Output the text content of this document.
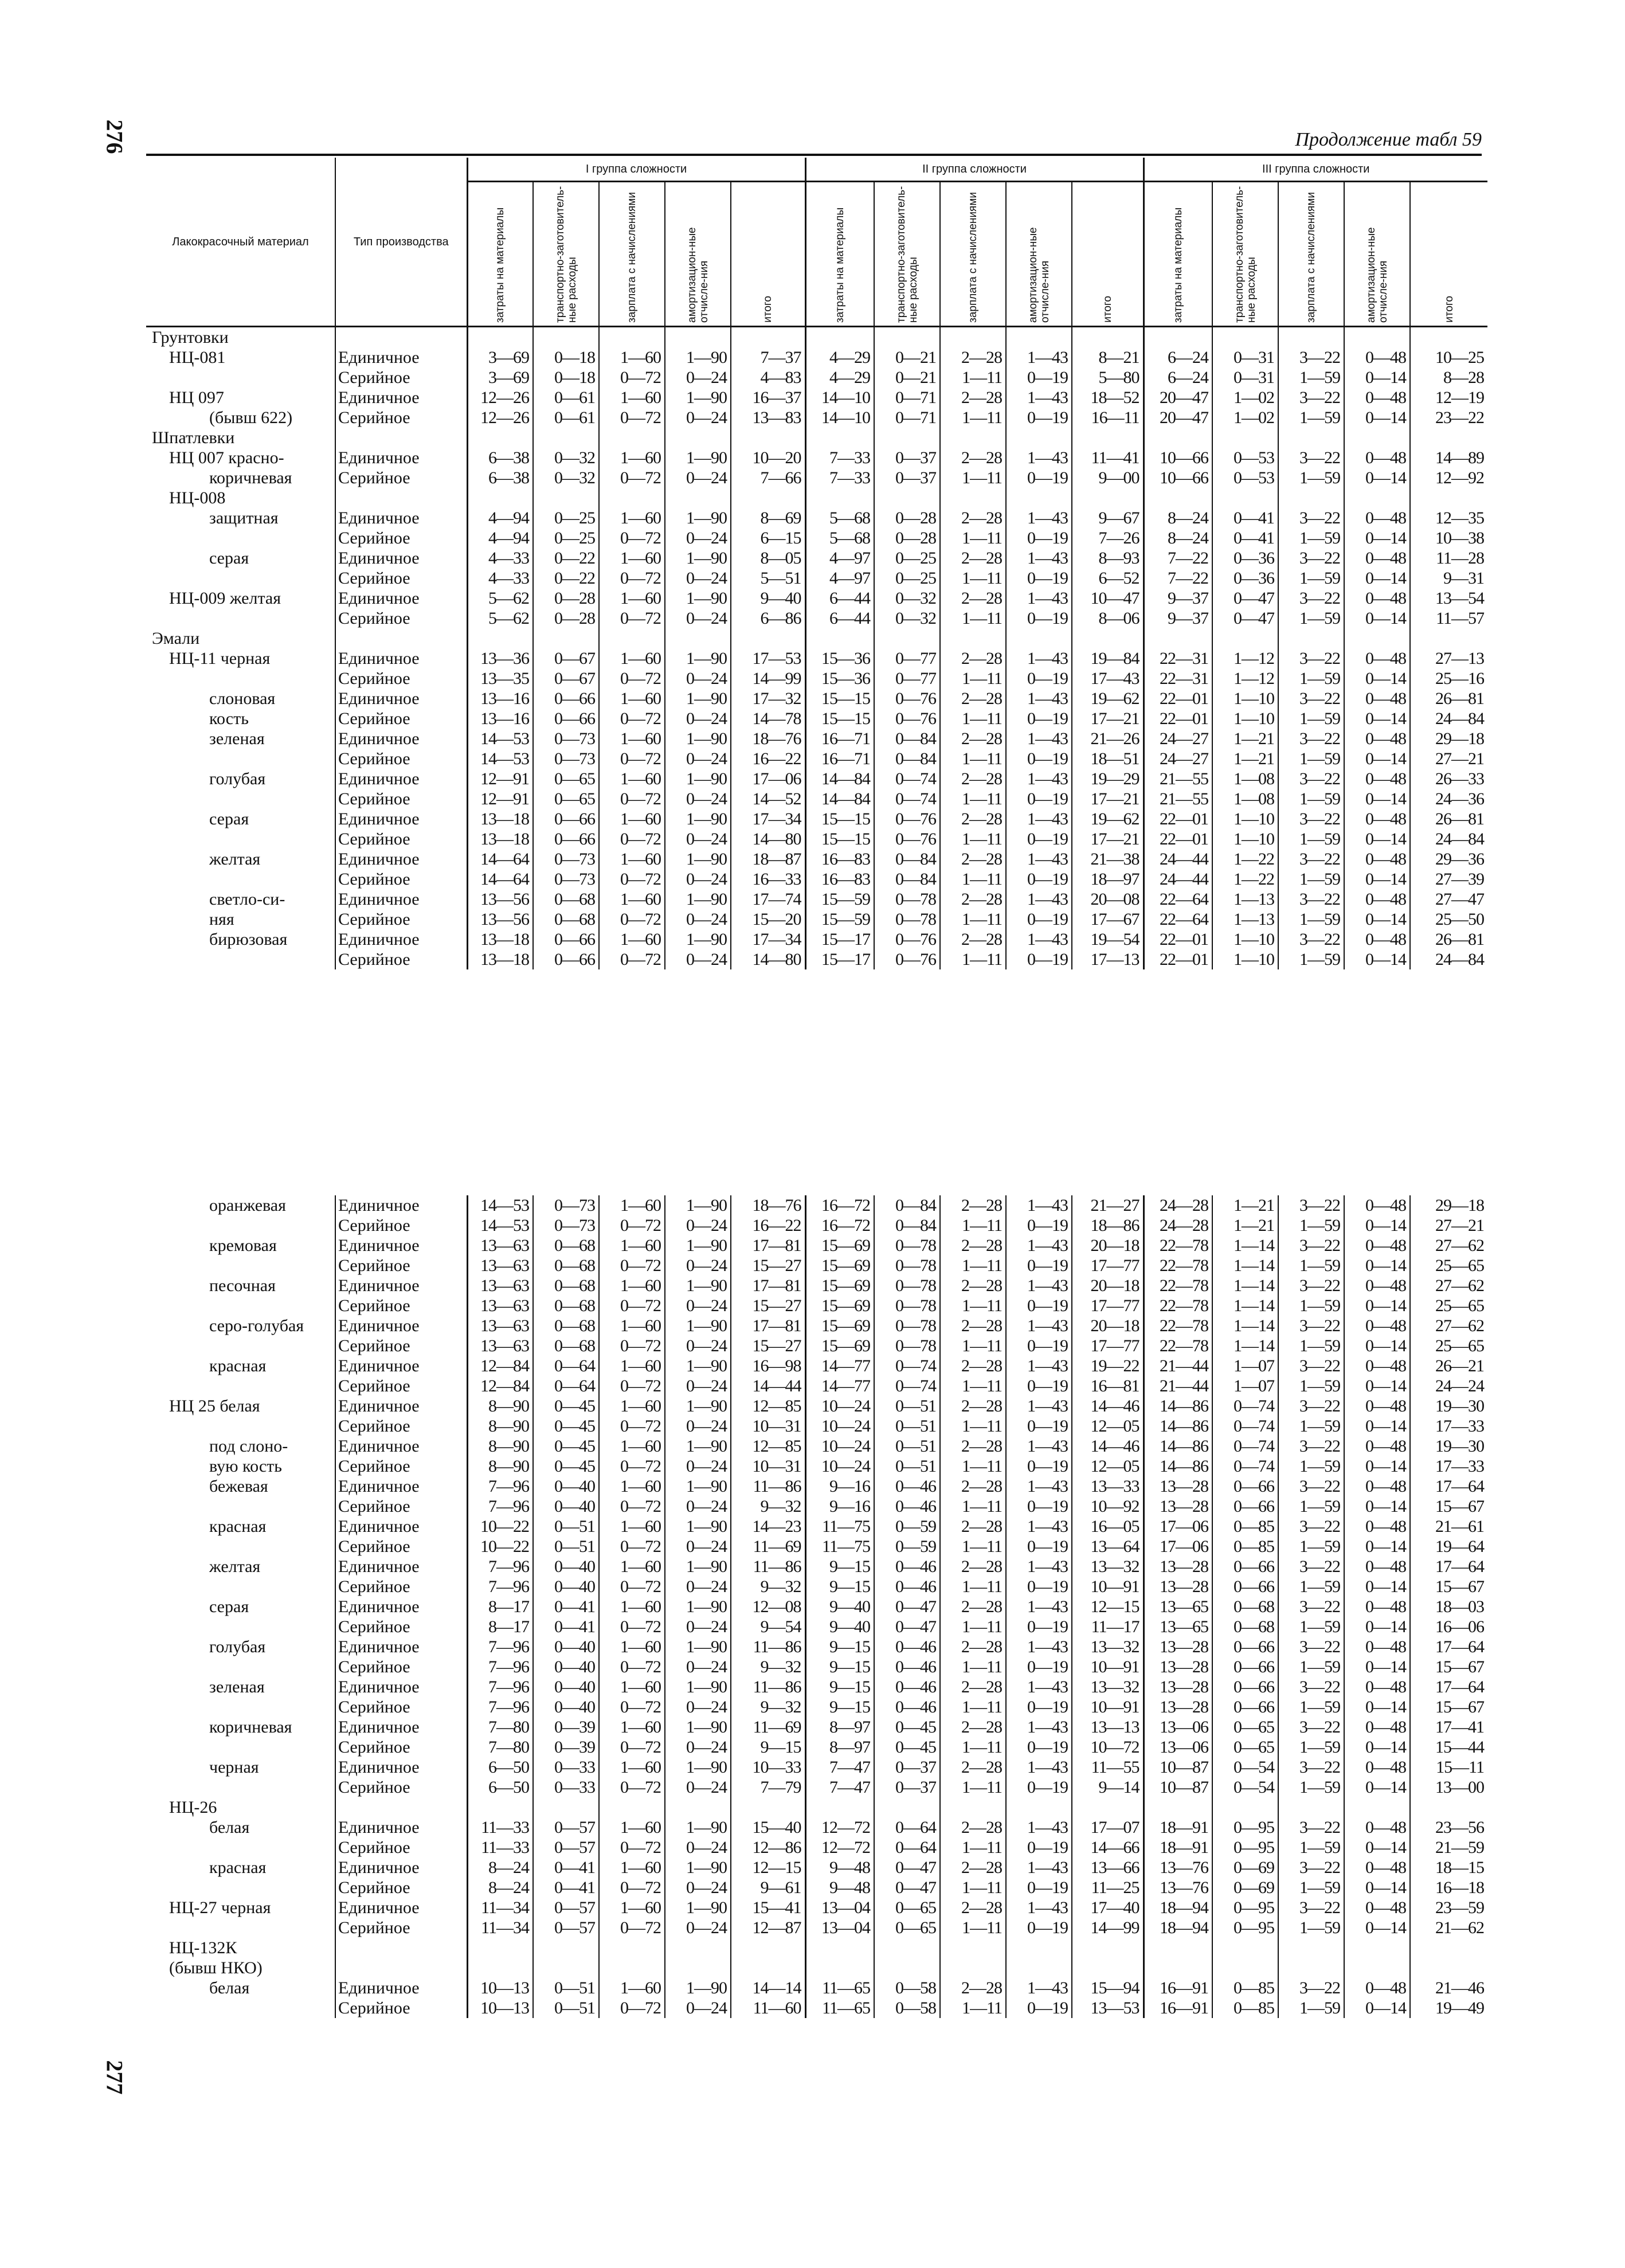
276
277
Продолжение табл 59
Лакокрасочный материал	Тип производства	I группа сложности					II группа сложности					III группа сложности				
		затраты на материалы	транспортно-заготовитель-ные расходы	зарплата с начислениями	амортизацион-ные отчисле-ния	итого	затраты на материалы	транспортно-заготовитель-ные расходы	зарплата с начислениями	амортизацион-ные отчисле-ния	итого	затраты на материалы	транспортно-заготовитель-ные расходы	зарплата с начислениями	амортизацион-ные отчисле-ния	итого
Грунтовки																
НЦ-081	Единичное	3—69	0—18	1—60	1—90	7—37	4—29	0—21	2—28	1—43	8—21	6—24	0—31	3—22	0—48	10—25
	Серийное	3—69	0—18	0—72	0—24	4—83	4—29	0—21	1—11	0—19	5—80	6—24	0—31	1—59	0—14	8—28
НЦ 097	Единичное	12—26	0—61	1—60	1—90	16—37	14—10	0—71	2—28	1—43	18—52	20—47	1—02	3—22	0—48	12—19
(бывш 622)	Серийное	12—26	0—61	0—72	0—24	13—83	14—10	0—71	1—11	0—19	16—11	20—47	1—02	1—59	0—14	23—22
Шпатлевки																
НЦ 007 красно-	Единичное	6—38	0—32	1—60	1—90	10—20	7—33	0—37	2—28	1—43	11—41	10—66	0—53	3—22	0—48	14—89
коричневая	Серийное	6—38	0—32	0—72	0—24	7—66	7—33	0—37	1—11	0—19	9—00	10—66	0—53	1—59	0—14	12—92
НЦ-008																
защитная	Единичное	4—94	0—25	1—60	1—90	8—69	5—68	0—28	2—28	1—43	9—67	8—24	0—41	3—22	0—48	12—35
	Серийное	4—94	0—25	0—72	0—24	6—15	5—68	0—28	1—11	0—19	7—26	8—24	0—41	1—59	0—14	10—38
серая	Единичное	4—33	0—22	1—60	1—90	8—05	4—97	0—25	2—28	1—43	8—93	7—22	0—36	3—22	0—48	11—28
	Серийное	4—33	0—22	0—72	0—24	5—51	4—97	0—25	1—11	0—19	6—52	7—22	0—36	1—59	0—14	9—31
НЦ-009 желтая	Единичное	5—62	0—28	1—60	1—90	9—40	6—44	0—32	2—28	1—43	10—47	9—37	0—47	3—22	0—48	13—54
	Серийное	5—62	0—28	0—72	0—24	6—86	6—44	0—32	1—11	0—19	8—06	9—37	0—47	1—59	0—14	11—57
Эмали																
НЦ-11 черная	Единичное	13—36	0—67	1—60	1—90	17—53	15—36	0—77	2—28	1—43	19—84	22—31	1—12	3—22	0—48	27—13
	Серийное	13—35	0—67	0—72	0—24	14—99	15—36	0—77	1—11	0—19	17—43	22—31	1—12	1—59	0—14	25—16
слоновая	Единичное	13—16	0—66	1—60	1—90	17—32	15—15	0—76	2—28	1—43	19—62	22—01	1—10	3—22	0—48	26—81
кость	Серийное	13—16	0—66	0—72	0—24	14—78	15—15	0—76	1—11	0—19	17—21	22—01	1—10	1—59	0—14	24—84
зеленая	Единичное	14—53	0—73	1—60	1—90	18—76	16—71	0—84	2—28	1—43	21—26	24—27	1—21	3—22	0—48	29—18
	Серийное	14—53	0—73	0—72	0—24	16—22	16—71	0—84	1—11	0—19	18—51	24—27	1—21	1—59	0—14	27—21
голубая	Единичное	12—91	0—65	1—60	1—90	17—06	14—84	0—74	2—28	1—43	19—29	21—55	1—08	3—22	0—48	26—33
	Серийное	12—91	0—65	0—72	0—24	14—52	14—84	0—74	1—11	0—19	17—21	21—55	1—08	1—59	0—14	24—36
серая	Единичное	13—18	0—66	1—60	1—90	17—34	15—15	0—76	2—28	1—43	19—62	22—01	1—10	3—22	0—48	26—81
	Серийное	13—18	0—66	0—72	0—24	14—80	15—15	0—76	1—11	0—19	17—21	22—01	1—10	1—59	0—14	24—84
желтая	Единичное	14—64	0—73	1—60	1—90	18—87	16—83	0—84	2—28	1—43	21—38	24—44	1—22	3—22	0—48	29—36
	Серийное	14—64	0—73	0—72	0—24	16—33	16—83	0—84	1—11	0—19	18—97	24—44	1—22	1—59	0—14	27—39
светло-си-	Единичное	13—56	0—68	1—60	1—90	17—74	15—59	0—78	2—28	1—43	20—08	22—64	1—13	3—22	0—48	27—47
няя	Серийное	13—56	0—68	0—72	0—24	15—20	15—59	0—78	1—11	0—19	17—67	22—64	1—13	1—59	0—14	25—50
бирюзовая	Единичное	13—18	0—66	1—60	1—90	17—34	15—17	0—76	2—28	1—43	19—54	22—01	1—10	3—22	0—48	26—81
	Серийное	13—18	0—66	0—72	0—24	14—80	15—17	0—76	1—11	0—19	17—13	22—01	1—10	1—59	0—14	24—84
оранжевая	Единичное	14—53	0—73	1—60	1—90	18—76	16—72	0—84	2—28	1—43	21—27	24—28	1—21	3—22	0—48	29—18
	Серийное	14—53	0—73	0—72	0—24	16—22	16—72	0—84	1—11	0—19	18—86	24—28	1—21	1—59	0—14	27—21
кремовая	Единичное	13—63	0—68	1—60	1—90	17—81	15—69	0—78	2—28	1—43	20—18	22—78	1—14	3—22	0—48	27—62
	Серийное	13—63	0—68	0—72	0—24	15—27	15—69	0—78	1—11	0—19	17—77	22—78	1—14	1—59	0—14	25—65
песочная	Единичное	13—63	0—68	1—60	1—90	17—81	15—69	0—78	2—28	1—43	20—18	22—78	1—14	3—22	0—48	27—62
	Серийное	13—63	0—68	0—72	0—24	15—27	15—69	0—78	1—11	0—19	17—77	22—78	1—14	1—59	0—14	25—65
серо-голубая	Единичное	13—63	0—68	1—60	1—90	17—81	15—69	0—78	2—28	1—43	20—18	22—78	1—14	3—22	0—48	27—62
	Серийное	13—63	0—68	0—72	0—24	15—27	15—69	0—78	1—11	0—19	17—77	22—78	1—14	1—59	0—14	25—65
красная	Единичное	12—84	0—64	1—60	1—90	16—98	14—77	0—74	2—28	1—43	19—22	21—44	1—07	3—22	0—48	26—21
	Серийное	12—84	0—64	0—72	0—24	14—44	14—77	0—74	1—11	0—19	16—81	21—44	1—07	1—59	0—14	24—24
НЦ 25 белая	Единичное	8—90	0—45	1—60	1—90	12—85	10—24	0—51	2—28	1—43	14—46	14—86	0—74	3—22	0—48	19—30
	Серийное	8—90	0—45	0—72	0—24	10—31	10—24	0—51	1—11	0—19	12—05	14—86	0—74	1—59	0—14	17—33
под слоно-	Единичное	8—90	0—45	1—60	1—90	12—85	10—24	0—51	2—28	1—43	14—46	14—86	0—74	3—22	0—48	19—30
вую кость	Серийное	8—90	0—45	0—72	0—24	10—31	10—24	0—51	1—11	0—19	12—05	14—86	0—74	1—59	0—14	17—33
бежевая	Единичное	7—96	0—40	1—60	1—90	11—86	9—16	0—46	2—28	1—43	13—33	13—28	0—66	3—22	0—48	17—64
	Серийное	7—96	0—40	0—72	0—24	9—32	9—16	0—46	1—11	0—19	10—92	13—28	0—66	1—59	0—14	15—67
красная	Единичное	10—22	0—51	1—60	1—90	14—23	11—75	0—59	2—28	1—43	16—05	17—06	0—85	3—22	0—48	21—61
	Серийное	10—22	0—51	0—72	0—24	11—69	11—75	0—59	1—11	0—19	13—64	17—06	0—85	1—59	0—14	19—64
желтая	Единичное	7—96	0—40	1—60	1—90	11—86	9—15	0—46	2—28	1—43	13—32	13—28	0—66	3—22	0—48	17—64
	Серийное	7—96	0—40	0—72	0—24	9—32	9—15	0—46	1—11	0—19	10—91	13—28	0—66	1—59	0—14	15—67
серая	Единичное	8—17	0—41	1—60	1—90	12—08	9—40	0—47	2—28	1—43	12—15	13—65	0—68	3—22	0—48	18—03
	Серийное	8—17	0—41	0—72	0—24	9—54	9—40	0—47	1—11	0—19	11—17	13—65	0—68	1—59	0—14	16—06
голубая	Единичное	7—96	0—40	1—60	1—90	11—86	9—15	0—46	2—28	1—43	13—32	13—28	0—66	3—22	0—48	17—64
	Серийное	7—96	0—40	0—72	0—24	9—32	9—15	0—46	1—11	0—19	10—91	13—28	0—66	1—59	0—14	15—67
зеленая	Единичное	7—96	0—40	1—60	1—90	11—86	9—15	0—46	2—28	1—43	13—32	13—28	0—66	3—22	0—48	17—64
	Серийное	7—96	0—40	0—72	0—24	9—32	9—15	0—46	1—11	0—19	10—91	13—28	0—66	1—59	0—14	15—67
коричневая	Единичное	7—80	0—39	1—60	1—90	11—69	8—97	0—45	2—28	1—43	13—13	13—06	0—65	3—22	0—48	17—41
	Серийное	7—80	0—39	0—72	0—24	9—15	8—97	0—45	1—11	0—19	10—72	13—06	0—65	1—59	0—14	15—44
черная	Единичное	6—50	0—33	1—60	1—90	10—33	7—47	0—37	2—28	1—43	11—55	10—87	0—54	3—22	0—48	15—11
	Серийное	6—50	0—33	0—72	0—24	7—79	7—47	0—37	1—11	0—19	9—14	10—87	0—54	1—59	0—14	13—00
НЦ-26																
белая	Единичное	11—33	0—57	1—60	1—90	15—40	12—72	0—64	2—28	1—43	17—07	18—91	0—95	3—22	0—48	23—56
	Серийное	11—33	0—57	0—72	0—24	12—86	12—72	0—64	1—11	0—19	14—66	18—91	0—95	1—59	0—14	21—59
красная	Единичное	8—24	0—41	1—60	1—90	12—15	9—48	0—47	2—28	1—43	13—66	13—76	0—69	3—22	0—48	18—15
	Серийное	8—24	0—41	0—72	0—24	9—61	9—48	0—47	1—11	0—19	11—25	13—76	0—69	1—59	0—14	16—18
НЦ-27 черная	Единичное	11—34	0—57	1—60	1—90	15—41	13—04	0—65	2—28	1—43	17—40	18—94	0—95	3—22	0—48	23—59
	Серийное	11—34	0—57	0—72	0—24	12—87	13—04	0—65	1—11	0—19	14—99	18—94	0—95	1—59	0—14	21—62
НЦ-132К																
(бывш НКО)																
белая	Единичное	10—13	0—51	1—60	1—90	14—14	11—65	0—58	2—28	1—43	15—94	16—91	0—85	3—22	0—48	21—46
	Серийное	10—13	0—51	0—72	0—24	11—60	11—65	0—58	1—11	0—19	13—53	16—91	0—85	1—59	0—14	19—49
